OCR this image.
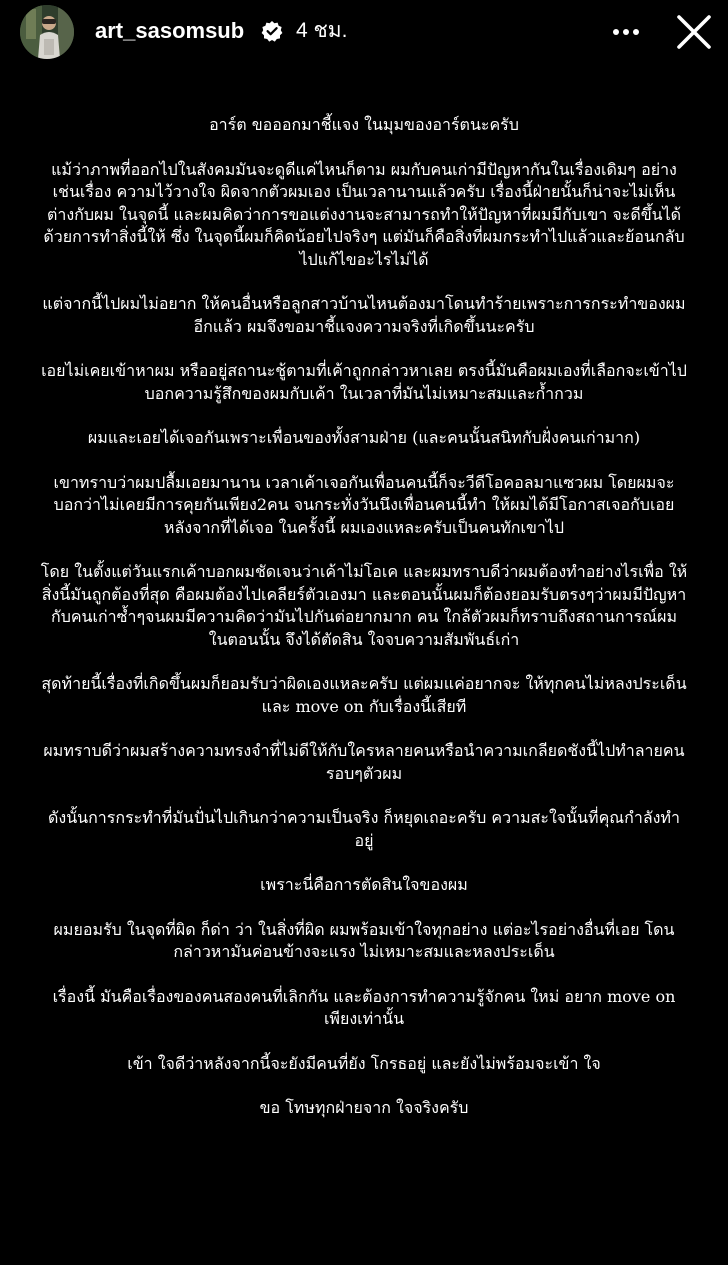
art_sasomsub 4 ชม.

อาร์ต ขอออกมาชี้แจง ในมุมของอาร์ตนะครับ

แม้ว่าภาพที่ออกไปในสังคมมันจะดูดีแค่ไหนก็ตาม ผมกับคนเก่ามีปัญหากันในเรื่องเดิมๆ อย่างเช่นเรื่อง ความไว้วางใจ ผิดจากตัวผมเอง เป็นเวลานานแล้วครับ เรื่องนี้ฝ่ายนั้นก็น่าจะไม่เห็นต่างกับผม ในจุดนี้ และผมคิดว่าการขอแต่งงานจะสามารถทำให้ปัญหาที่ผมมีกับเขา จะดีขึ้นได้ด้วยการทำสิ่งนี้ให้ ซึ่ง ในจุดนี้ผมก็คิดน้อยไปจริงๆ แต่มันก็คือสิ่งที่ผมกระทำไปแล้วและย้อนกลับไปแก้ไขอะไรไม่ได้

แต่จากนี้ไปผมไม่อยาก ให้คนอื่นหรือลูกสาวบ้านไหนต้องมาโดนทำร้ายเพราะการกระทำของผมอีกแล้ว ผมจึงขอมาชี้แจงความจริงที่เกิดขึ้นนะครับ

เอยไม่เคยเข้าหาผม หรืออยู่สถานะชู้ตามที่เค้าถูกกล่าวหาเลย ตรงนี้มันคือผมเองที่เลือกจะเข้าไปบอกความรู้สึกของผมกับเค้า ในเวลาที่มันไม่เหมาะสมและก้ำกวม

ผมและเอยได้เจอกันเพราะเพื่อนของทั้งสามฝ่าย (และคนนั้นสนิทกับฝั่งคนเก่ามาก)

เขาทราบว่าผมปลื้มเอยมานาน เวลาเค้าเจอกันเพื่อนคนนี้ก็จะวีดีโอคอลมาแซวผม โดยผมจะบอกว่าไม่เคยมีการคุยกันเพียง2คน จนกระทั่งวันนึงเพื่อนคนนี้ทำ ให้ผมได้มีโอกาสเจอกับเอย หลังจากที่ได้เจอ ในครั้งนี้ ผมเองแหละครับเป็นคนทักเขาไป

โดย ในตั้งแต่วันแรกเค้าบอกผมชัดเจนว่าเค้าไม่โอเค และผมทราบดีว่าผมต้องทำอย่างไรเพื่อ ให้สิ่งนี้มันถูกต้องที่สุด คือผมต้องไปเคลียร์ตัวเองมา และตอนนั้นผมก็ต้องยอมรับตรงๆว่าผมมีปัญหากับคนเก่าซ้ำๆจนผมมีความคิดว่ามันไปกันต่อยากมาก คน ใกล้ตัวผมก็ทราบถึงสถานการณ์ผม ในตอนนั้น จึงได้ตัดสิน ใจจบความสัมพันธ์เก่า

สุดท้ายนี้เรื่องที่เกิดขึ้นผมก็ยอมรับว่าผิดเองแหละครับ แต่ผมแค่อยากจะ ให้ทุกคนไม่หลงประเด็นและ move on กับเรื่องนี้เสียที

ผมทราบดีว่าผมสร้างความทรงจำที่ไม่ดีให้กับใครหลายคนหรือนำความเกลียดชังนี้ไปทำลายคนรอบๆตัวผม

ดังนั้นการกระทำที่มันปั่นไปเกินกว่าความเป็นจริง ก็หยุดเถอะครับ ความสะใจนั้นที่คุณกำลังทำอยู่

เพราะนี่คือการตัดสินใจของผม

ผมยอมรับ ในจุดที่ผิด ก็ด่า ว่า ในสิ่งที่ผิด ผมพร้อมเข้าใจทุกอย่าง แต่อะไรอย่างอื่นที่เอย โดนกล่าวหามันค่อนข้างจะแรง ไม่เหมาะสมและหลงประเด็น

เรื่องนี้ มันคือเรื่องของคนสองคนที่เลิกกัน และต้องการทำความรู้จักคน ใหม่ อยาก move on เพียงเท่านั้น

เข้า ใจดีว่าหลังจากนี้จะยังมีคนที่ยัง โกรธอยู่ และยังไม่พร้อมจะเข้า ใจ

ขอ โทษทุกฝ่ายจาก ใจจริงครับ
